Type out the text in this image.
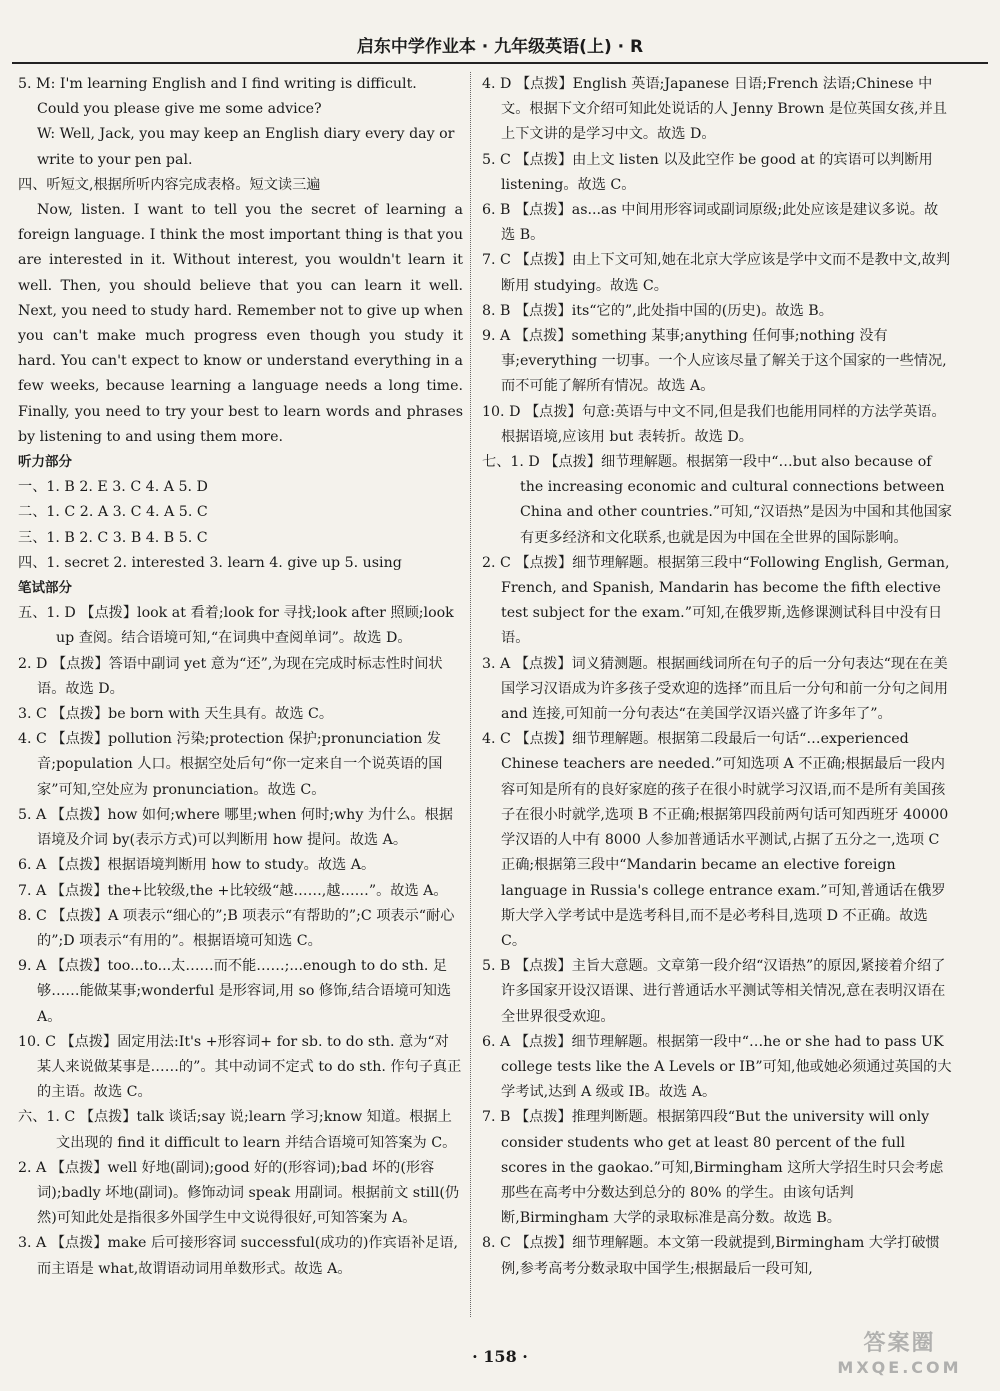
启东中学作业本 · 九年级英语(上) · R

5. M: I'm learning English and I find writing is difficult. Could you please give me some advice?

W: Well, Jack, you may keep an English diary every day or write to your pen pal.

四、听短文,根据所听内容完成表格。短文读三遍

Now, listen. I want to tell you the secret of learning a foreign language. I think the most important thing is that you are interested in it. Without interest, you wouldn't learn it well. Then, you should believe that you can learn it well. Next, you need to study hard. Remember not to give up when you can't make much progress even though you study it hard. You can't expect to know or understand everything in a few weeks, because learning a language needs a long time. Finally, you need to try your best to learn words and phrases by listening to and using them more.

听力部分

一、1. B 2. E 3. C 4. A 5. D

二、1. C 2. A 3. C 4. A 5. C

三、1. B 2. C 3. B 4. B 5. C

四、1. secret 2. interested 3. learn 4. give up 5. using

笔试部分

五、1. D 【点拨】look at 看着;look for 寻找;look after 照顾;look up 查阅。结合语境可知,“在词典中查阅单词”。故选 D。

2. D 【点拨】答语中副词 yet 意为“还”,为现在完成时标志性时间状语。故选 D。

3. C 【点拨】be born with 天生具有。故选 C。

4. C 【点拨】pollution 污染;protection 保护;pronunciation 发音;population 人口。根据空处后句“你一定来自一个说英语的国家”可知,空处应为 pronunciation。故选 C。

5. A 【点拨】how 如何;where 哪里;when 何时;why 为什么。根据语境及介词 by(表示方式)可以判断用 how 提问。故选 A。

6. A 【点拨】根据语境判断用 how to study。故选 A。

7. A 【点拨】the+比较级,the +比较级“越……,越……”。故选 A。

8. C 【点拨】A 项表示“细心的”;B 项表示“有帮助的”;C 项表示“耐心的”;D 项表示“有用的”。根据语境可知选 C。

9. A 【点拨】too...to...太……而不能……;...enough to do sth. 足够……能做某事;wonderful 是形容词,用 so 修饰,结合语境可知选 A。

10. C 【点拨】固定用法:It's +形容词+ for sb. to do sth. 意为“对某人来说做某事是……的”。其中动词不定式 to do sth. 作句子真正的主语。故选 C。

六、1. C 【点拨】talk 谈话;say 说;learn 学习;know 知道。根据上文出现的 find it difficult to learn 并结合语境可知答案为 C。

2. A 【点拨】well 好地(副词);good 好的(形容词);bad 坏的(形容词);badly 坏地(副词)。修饰动词 speak 用副词。根据前文 still(仍然)可知此处是指很多外国学生中文说得很好,可知答案为 A。

3. A 【点拨】make 后可接形容词 successful(成功的)作宾语补足语,而主语是 what,故谓语动词用单数形式。故选 A。

4. D 【点拨】English 英语;Japanese 日语;French 法语;Chinese 中文。根据下文介绍可知此处说话的人 Jenny Brown 是位英国女孩,并且上下文讲的是学习中文。故选 D。

5. C 【点拨】由上文 listen 以及此空作 be good at 的宾语可以判断用 listening。故选 C。

6. B 【点拨】as...as 中间用形容词或副词原级;此处应该是建议多说。故选 B。

7. C 【点拨】由上下文可知,她在北京大学应该是学中文而不是教中文,故判断用 studying。故选 C。

8. B 【点拨】its“它的”,此处指中国的(历史)。故选 B。

9. A 【点拨】something 某事;anything 任何事;nothing 没有事;everything 一切事。一个人应该尽量了解关于这个国家的一些情况,而不可能了解所有情况。故选 A。

10. D 【点拨】句意:英语与中文不同,但是我们也能用同样的方法学英语。根据语境,应该用 but 表转折。故选 D。

七、1. D 【点拨】细节理解题。根据第一段中“…but also because of the increasing economic and cultural connections between China and other countries.”可知,“汉语热”是因为中国和其他国家有更多经济和文化联系,也就是因为中国在全世界的国际影响。

2. C 【点拨】细节理解题。根据第三段中“Following English, German, French, and Spanish, Mandarin has become the fifth elective test subject for the exam.”可知,在俄罗斯,选修课测试科目中没有日语。

3. A 【点拨】词义猜测题。根据画线词所在句子的后一分句表达“现在在美国学习汉语成为许多孩子受欢迎的选择”而且后一分句和前一分句之间用 and 连接,可知前一分句表达“在美国学汉语兴盛了许多年了”。

4. C 【点拨】细节理解题。根据第二段最后一句话“…experienced Chinese teachers are needed.”可知选项 A 不正确;根据最后一段内容可知是所有的良好家庭的孩子在很小时就学习汉语,而不是所有美国孩子在很小时就学,选项 B 不正确;根据第四段前两句话可知西班牙 40000 学汉语的人中有 8000 人参加普通话水平测试,占据了五分之一,选项 C 正确;根据第三段中“Mandarin became an elective foreign language in Russia's college entrance exam.”可知,普通话在俄罗斯大学入学考试中是选考科目,而不是必考科目,选项 D 不正确。故选 C。

5. B 【点拨】主旨大意题。文章第一段介绍“汉语热”的原因,紧接着介绍了许多国家开设汉语课、进行普通话水平测试等相关情况,意在表明汉语在全世界很受欢迎。

6. A 【点拨】细节理解题。根据第一段中“…he or she had to pass UK college tests like the A Levels or IB”可知,他或她必须通过英国的大学考试,达到 A 级或 IB。故选 A。

7. B 【点拨】推理判断题。根据第四段“But the university will only consider students who get at least 80 percent of the full scores in the gaokao.”可知,Birmingham 这所大学招生时只会考虑那些在高考中分数达到总分的 80% 的学生。由该句话判断,Birmingham 大学的录取标准是高分数。故选 B。

8. C 【点拨】细节理解题。本文第一段就提到,Birmingham 大学打破惯例,参考高考分数录取中国学生;根据最后一段可知,

· 158 ·
答案圈
MXQE.COM
